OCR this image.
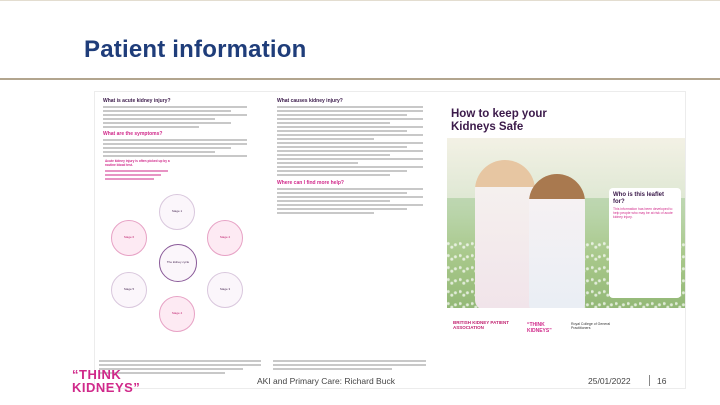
Patient information

What is acute kidney injury?

What are the symptoms?

Acute kidney injury is often picked up by a routine blood test.

Stage 1
Stage 2
Stage 3
Stage 4
Stage 5
Stage 6
The kidney cycle

What causes kidney injury?

Where can I find more help?

How to keep your Kidneys Safe

Who is this leaflet for?

This information has been developed to help people who may be at risk of acute kidney injury.

BRITISH KIDNEY PATIENT ASSOCIATION	“THINK KIDNEYS”
Royal College of General Practitioners
“THINK
KIDNEYS”	AKI and Primary Care: Richard Buck	25/01/2022	16
